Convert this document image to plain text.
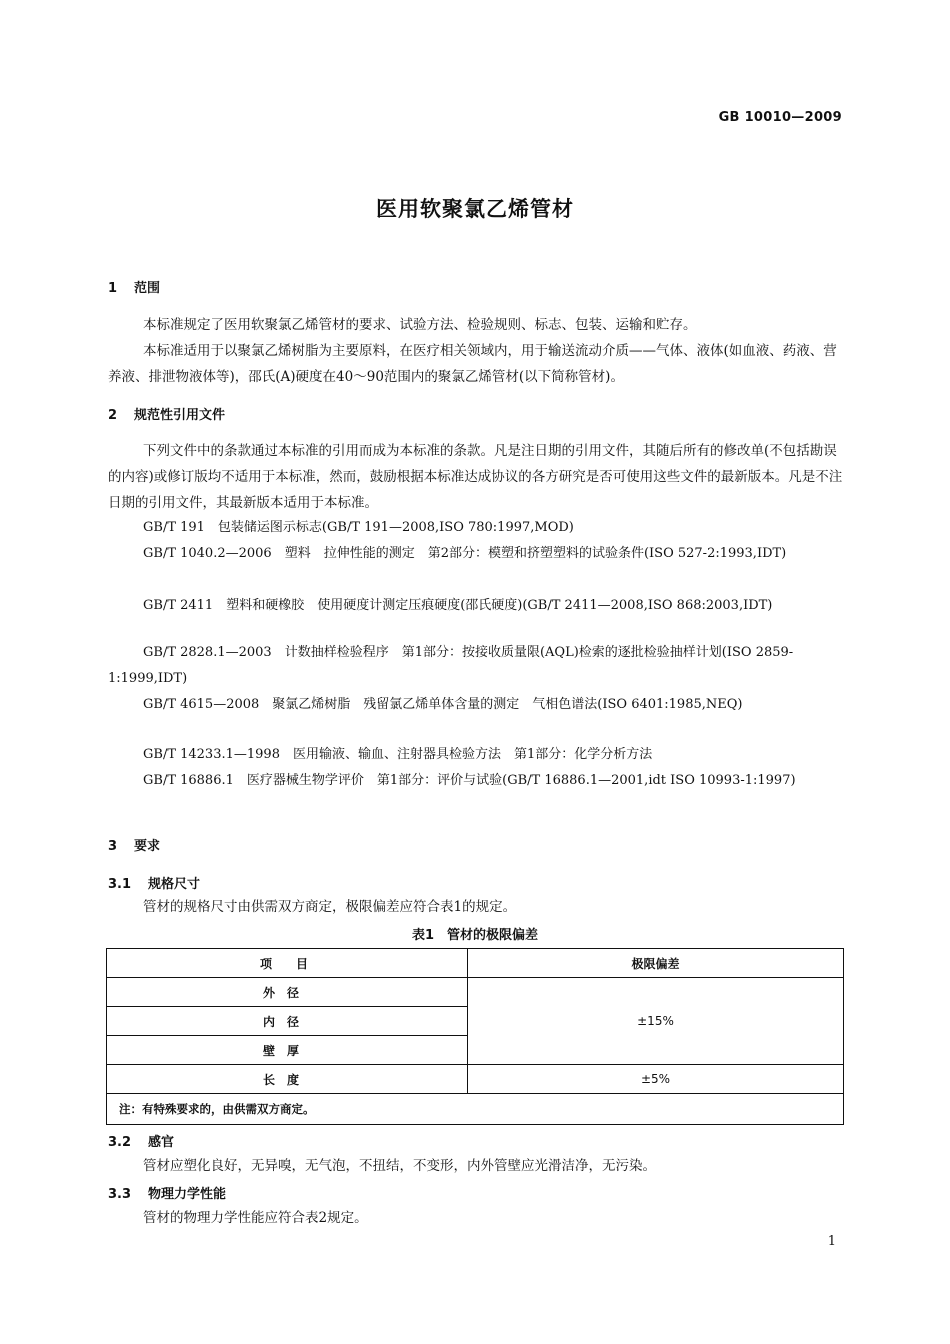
GB 10010—2009
医用软聚氯乙烯管材
1 范围

本标准规定了医用软聚氯乙烯管材的要求、试验方法、检验规则、标志、包装、运输和贮存。

本标准适用于以聚氯乙烯树脂为主要原料，在医疗相关领域内，用于输送流动介质——气体、液体(如血液、药液、营养液、排泄物液体等)，邵氏(A)硬度在40～90范围内的聚氯乙烯管材(以下简称管材)。

2 规范性引用文件

下列文件中的条款通过本标准的引用而成为本标准的条款。凡是注日期的引用文件，其随后所有的修改单(不包括勘误的内容)或修订版均不适用于本标准，然而，鼓励根据本标准达成协议的各方研究是否可使用这些文件的最新版本。凡是不注日期的引用文件，其最新版本适用于本标准。

GB/T 191　包装储运图示标志(GB/T 191—2008,ISO 780:1997,MOD)

GB/T 1040.2—2006　塑料　拉伸性能的测定　第2部分：模塑和挤塑塑料的试验条件(ISO 527-2:1993,IDT)

GB/T 2411　塑料和硬橡胶　使用硬度计测定压痕硬度(邵氏硬度)(GB/T 2411—2008,ISO 868:2003,IDT)

GB/T 2828.1—2003　计数抽样检验程序　第1部分：按接收质量限(AQL)检索的逐批检验抽样计划(ISO 2859-1:1999,IDT)

GB/T 4615—2008　聚氯乙烯树脂　残留氯乙烯单体含量的测定　气相色谱法(ISO 6401:1985,NEQ)

GB/T 14233.1—1998　医用输液、输血、注射器具检验方法　第1部分：化学分析方法

GB/T 16886.1　医疗器械生物学评价　第1部分：评价与试验(GB/T 16886.1—2001,idt ISO 10993-1:1997)

3 要求
3.1 规格尺寸

管材的规格尺寸由供需双方商定，极限偏差应符合表1的规定。

表1　管材的极限偏差
项　目	极限偏差
外径	±15%
内径	
壁厚	
长度	±5%
注：有特殊要求的，由供需双方商定。	
3.2 感官

管材应塑化良好，无异嗅，无气泡，不扭结，不变形，内外管壁应光滑洁净，无污染。

3.3 物理力学性能

管材的物理力学性能应符合表2规定。

1
